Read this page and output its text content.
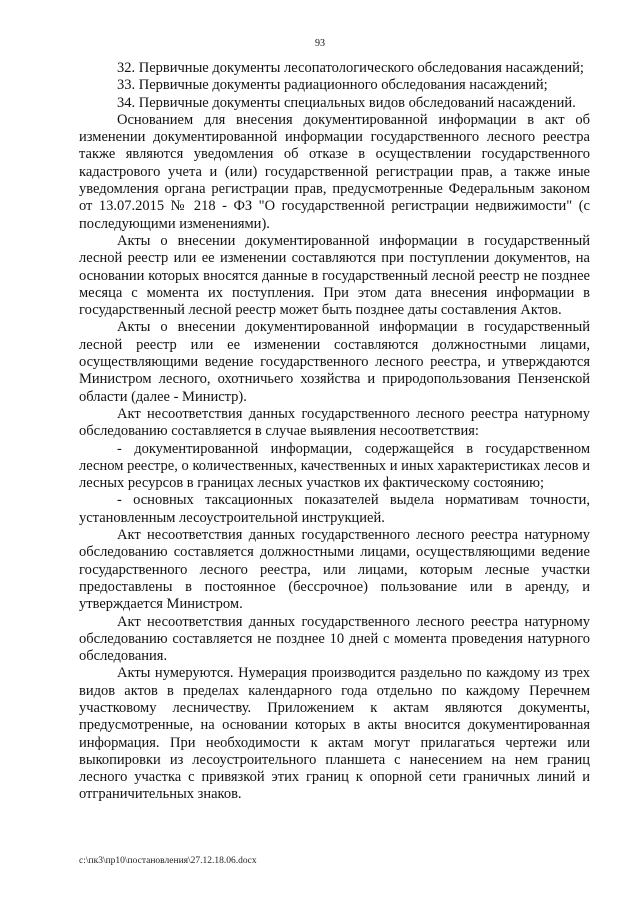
93

32. Первичные документы лесопатологического обследования насаждений;

33. Первичные документы радиационного обследования насаждений;

34. Первичные документы специальных видов обследований насаждений.

Основанием для внесения документированной информации в акт об изменении документированной информации государственного лесного реестра также являются уведомления об отказе в осуществлении государственного кадастрового учета и (или) государственной регистрации прав, а также иные уведомления органа регистрации прав, предусмотренные Федеральным законом от 13.07.2015 № 218 - ФЗ "О государственной регистрации недвижимости" (с последующими изменениями).

Акты о внесении документированной информации в государственный лесной реестр или ее изменении составляются при поступлении документов, на основании которых вносятся данные в государственный лесной реестр не позднее месяца с момента их поступления. При этом дата внесения информации в государственный лесной реестр может быть позднее даты составления Актов.

Акты о внесении документированной информации в государственный лесной реестр или ее изменении составляются должностными лицами, осуществляющими ведение государственного лесного реестра, и утверждаются Министром лесного, охотничьего хозяйства и природопользования Пензенской области (далее - Министр).

Акт несоответствия данных государственного лесного реестра натурному обследованию составляется в случае выявления несоответствия:

- документированной информации, содержащейся в государственном лесном реестре, о количественных, качественных и иных характеристиках лесов и лесных ресурсов в границах лесных участков их фактическому состоянию;

- основных таксационных показателей выдела нормативам точности, установленным лесоустроительной инструкцией.

Акт несоответствия данных государственного лесного реестра натурному обследованию составляется должностными лицами, осуществляющими ведение государственного лесного реестра, или лицами, которым лесные участки предоставлены в постоянное (бессрочное) пользование или в аренду, и утверждается Министром.

Акт несоответствия данных государственного лесного реестра натурному обследованию составляется не позднее 10 дней с момента проведения натурного обследования.

Акты нумеруются. Нумерация производится раздельно по каждому из трех видов актов в пределах календарного года отдельно по каждому Перечнем участковому лесничеству. Приложением к актам являются документы, предусмотренные, на основании которых в акты вносится документированная информация. При необходимости к актам могут прилагаться чертежи или выкопировки из лесоустроительного планшета с нанесением на нем границ лесного участка с привязкой этих границ к опорной сети граничных линий и отграничительных знаков.

c:\пк3\пр10\постановления\27.12.18.06.docx
